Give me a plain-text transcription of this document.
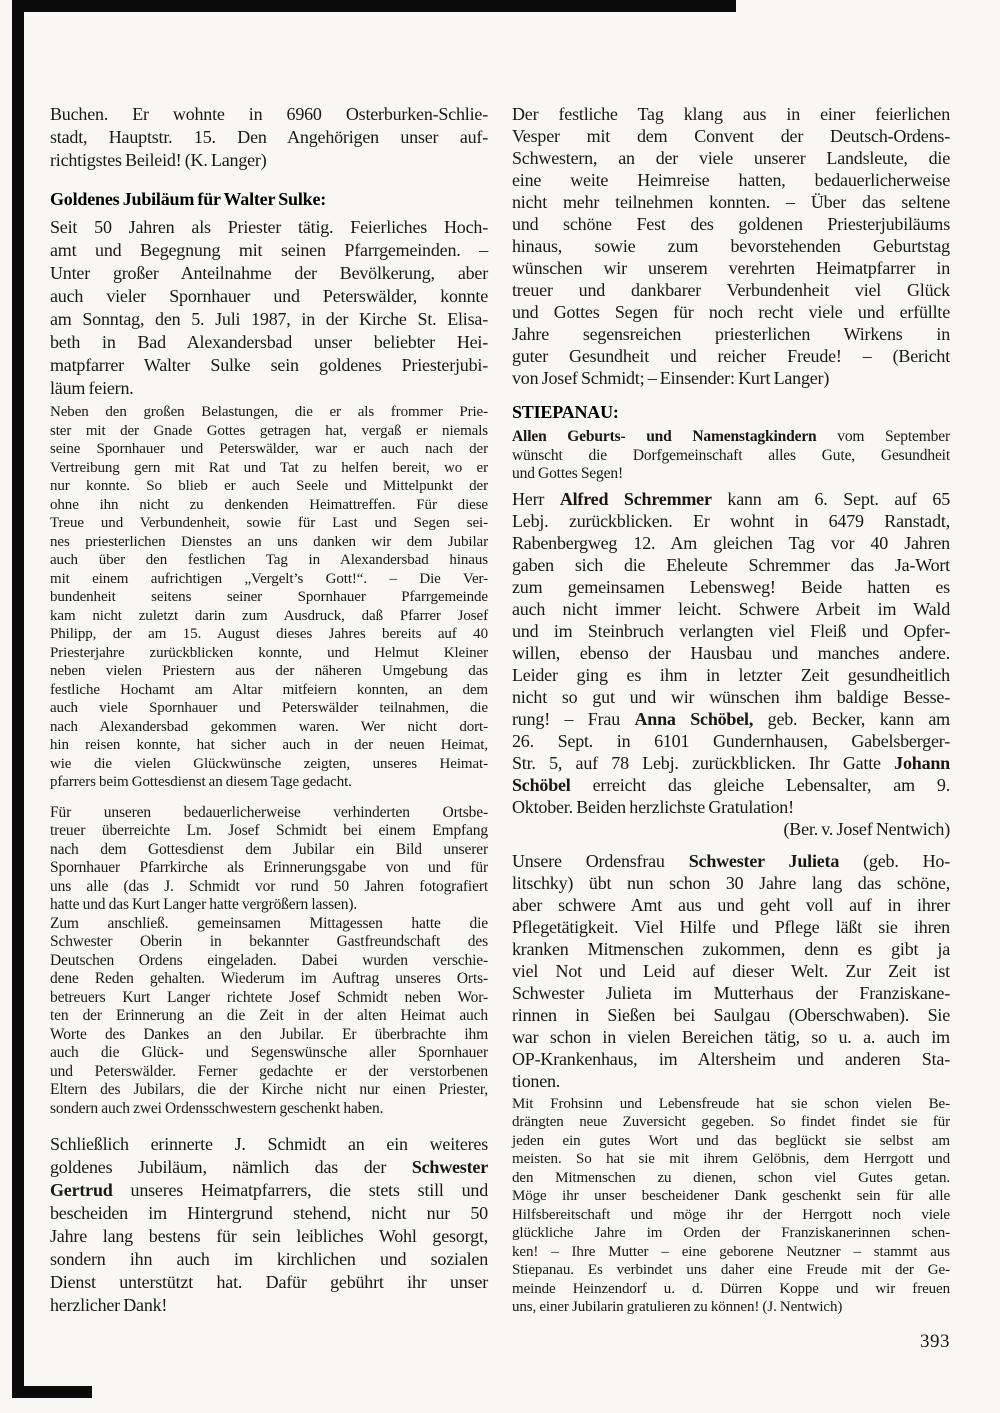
Buchen. Er wohnte in 6960 Osterburken-Schlie-
stadt, Hauptstr. 15. Den Angehörigen unser auf-
richtigstes Beileid! (K. Langer)
Goldenes Jubiläum für Walter Sulke:
Seit 50 Jahren als Priester tätig. Feierliches Hoch-
amt und Begegnung mit seinen Pfarrgemeinden. –
Unter großer Anteilnahme der Bevölkerung, aber
auch vieler Spornhauer und Peterswälder, konnte
am Sonntag, den 5. Juli 1987, in der Kirche St. Elisa-
beth in Bad Alexandersbad unser beliebter Hei-
matpfarrer Walter Sulke sein goldenes Priesterjubi-
läum feiern.
Neben den großen Belastungen, die er als frommer Prie-
ster mit der Gnade Gottes getragen hat, vergaß er niemals
seine Spornhauer und Peterswälder, war er auch nach der
Vertreibung gern mit Rat und Tat zu helfen bereit, wo er
nur konnte. So blieb er auch Seele und Mittelpunkt der
ohne ihn nicht zu denkenden Heimattreffen. Für diese
Treue und Verbundenheit, sowie für Last und Segen sei-
nes priesterlichen Dienstes an uns danken wir dem Jubilar
auch über den festlichen Tag in Alexandersbad hinaus
mit einem aufrichtigen „Vergelt’s Gott!“. – Die Ver-
bundenheit seitens seiner Spornhauer Pfarrgemeinde
kam nicht zuletzt darin zum Ausdruck, daß Pfarrer Josef
Philipp, der am 15. August dieses Jahres bereits auf 40
Priesterjahre zurückblicken konnte, und Helmut Kleiner
neben vielen Priestern aus der näheren Umgebung das
festliche Hochamt am Altar mitfeiern konnten, an dem
auch viele Spornhauer und Peterswälder teilnahmen, die
nach Alexandersbad gekommen waren. Wer nicht dort-
hin reisen konnte, hat sicher auch in der neuen Heimat,
wie die vielen Glückwünsche zeigten, unseres Heimat-
pfarrers beim Gottesdienst an diesem Tage gedacht.
Für unseren bedauerlicherweise verhinderten Ortsbe-
treuer überreichte Lm. Josef Schmidt bei einem Empfang
nach dem Gottesdienst dem Jubilar ein Bild unserer
Spornhauer Pfarrkirche als Erinnerungsgabe von und für
uns alle (das J. Schmidt vor rund 50 Jahren fotografiert
hatte und das Kurt Langer hatte vergrößern lassen).
Zum anschließ. gemeinsamen Mittagessen hatte die
Schwester Oberin in bekannter Gastfreundschaft des
Deutschen Ordens eingeladen. Dabei wurden verschie-
dene Reden gehalten. Wiederum im Auftrag unseres Orts-
betreuers Kurt Langer richtete Josef Schmidt neben Wor-
ten der Erinnerung an die Zeit in der alten Heimat auch
Worte des Dankes an den Jubilar. Er überbrachte ihm
auch die Glück- und Segenswünsche aller Spornhauer
und Peterswälder. Ferner gedachte er der verstorbenen
Eltern des Jubilars, die der Kirche nicht nur einen Priester,
sondern auch zwei Ordensschwestern geschenkt haben.
Schließlich erinnerte J. Schmidt an ein weiteres
goldenes Jubiläum, nämlich das der Schwester
Gertrud unseres Heimatpfarrers, die stets still und
bescheiden im Hintergrund stehend, nicht nur 50
Jahre lang bestens für sein leibliches Wohl gesorgt,
sondern ihn auch im kirchlichen und sozialen
Dienst unterstützt hat. Dafür gebührt ihr unser
herzlicher Dank!
Der festliche Tag klang aus in einer feierlichen
Vesper mit dem Convent der Deutsch-Ordens-
Schwestern, an der viele unserer Landsleute, die
eine weite Heimreise hatten, bedauerlicherweise
nicht mehr teilnehmen konnten. – Über das seltene
und schöne Fest des goldenen Priesterjubiläums
hinaus, sowie zum bevorstehenden Geburtstag
wünschen wir unserem verehrten Heimatpfarrer in
treuer und dankbarer Verbundenheit viel Glück
und Gottes Segen für noch recht viele und erfüllte
Jahre segensreichen priesterlichen Wirkens in
guter Gesundheit und reicher Freude! – (Bericht
von Josef Schmidt; – Einsender: Kurt Langer)
STIEPANAU:
Allen Geburts- und Namenstagkindern vom September
wünscht die Dorfgemeinschaft alles Gute, Gesundheit
und Gottes Segen!
Herr Alfred Schremmer kann am 6. Sept. auf 65
Lebj. zurückblicken. Er wohnt in 6479 Ranstadt,
Rabenbergweg 12. Am gleichen Tag vor 40 Jahren
gaben sich die Eheleute Schremmer das Ja-Wort
zum gemeinsamen Lebensweg! Beide hatten es
auch nicht immer leicht. Schwere Arbeit im Wald
und im Steinbruch verlangten viel Fleiß und Opfer-
willen, ebenso der Hausbau und manches andere.
Leider ging es ihm in letzter Zeit gesundheitlich
nicht so gut und wir wünschen ihm baldige Besse-
rung! – Frau Anna Schöbel, geb. Becker, kann am
26. Sept. in 6101 Gundernhausen, Gabelsberger-
Str. 5, auf 78 Lebj. zurückblicken. Ihr Gatte Johann
Schöbel erreicht das gleiche Lebensalter, am 9.
Oktober. Beiden herzlichste Gratulation!
(Ber. v. Josef Nentwich)
Unsere Ordensfrau Schwester Julieta (geb. Ho-
litschky) übt nun schon 30 Jahre lang das schöne,
aber schwere Amt aus und geht voll auf in ihrer
Pflegetätigkeit. Viel Hilfe und Pflege läßt sie ihren
kranken Mitmenschen zukommen, denn es gibt ja
viel Not und Leid auf dieser Welt. Zur Zeit ist
Schwester Julieta im Mutterhaus der Franziskane-
rinnen in Sießen bei Saulgau (Oberschwaben). Sie
war schon in vielen Bereichen tätig, so u. a. auch im
OP-Krankenhaus, im Altersheim und anderen Sta-
tionen.
Mit Frohsinn und Lebensfreude hat sie schon vielen Be-
drängten neue Zuversicht gegeben. So findet findet sie für
jeden ein gutes Wort und das beglückt sie selbst am
meisten. So hat sie mit ihrem Gelöbnis, dem Herrgott und
den Mitmenschen zu dienen, schon viel Gutes getan.
Möge ihr unser bescheidener Dank geschenkt sein für alle
Hilfsbereitschaft und möge ihr der Herrgott noch viele
glückliche Jahre im Orden der Franziskanerinnen schen-
ken! – Ihre Mutter – eine geborene Neutzner – stammt aus
Stiepanau. Es verbindet uns daher eine Freude mit der Ge-
meinde Heinzendorf u. d. Dürren Koppe und wir freuen
uns, einer Jubilarin gratulieren zu können! (J. Nentwich)
393
